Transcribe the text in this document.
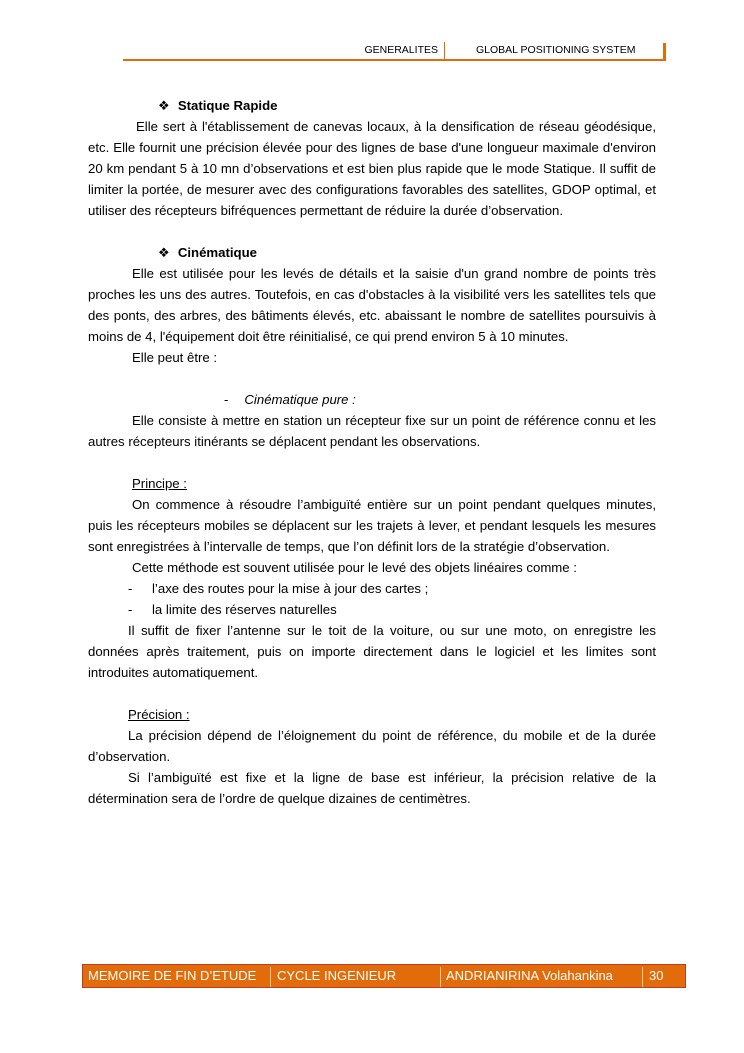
GENERALITES	GLOBAL POSITIONING SYSTEM

❖ Statique Rapide

Elle sert à l'établissement de canevas locaux, à la densification de réseau géodésique, etc. Elle fournit une précision élevée pour des lignes de base d'une longueur maximale d'environ 20 km pendant 5 à 10 mn d’observations et est bien plus rapide que le mode Statique. Il suffit de limiter la portée, de mesurer avec des configurations favorables des satellites, GDOP optimal, et utiliser des récepteurs bifréquences permettant de réduire la durée d’observation.

❖ Cinématique

Elle est utilisée pour les levés de détails et la saisie d'un grand nombre de points très proches les uns des autres. Toutefois, en cas d'obstacles à la visibilité vers les satellites tels que des ponts, des arbres, des bâtiments élevés, etc. abaissant le nombre de satellites poursuivis à moins de 4, l'équipement doit être réinitialisé, ce qui prend environ 5 à 10 minutes.

Elle peut être :

- Cinématique pure :

Elle consiste à mettre en station un récepteur fixe sur un point de référence connu et les autres récepteurs itinérants se déplacent pendant les observations.

Principe :

On commence à résoudre l’ambiguïté entière sur un point pendant quelques minutes, puis les récepteurs mobiles se déplacent sur les trajets à lever, et pendant lesquels les mesures sont enregistrées à l’intervalle de temps, que l’on définit lors de la stratégie d’observation.

Cette méthode est souvent utilisée pour le levé des objets linéaires comme :

- l’axe des routes pour la mise à jour des cartes ;

- la limite des réserves naturelles

Il suffit de fixer l’antenne sur le toit de la voiture, ou sur une moto, on enregistre les données après traitement, puis on importe directement dans le logiciel et les limites sont introduites automatiquement.

Précision :

La précision dépend de l’éloignement du point de référence, du mobile et de la durée d’observation.

Si l’ambiguïté est fixe et la ligne de base est inférieur, la précision relative de la détermination sera de l’ordre de quelque dizaines de centimètres.

MEMOIRE DE FIN D’ETUDE	CYCLE INGENIEUR	ANDRIANIRINA Volahankina	30
